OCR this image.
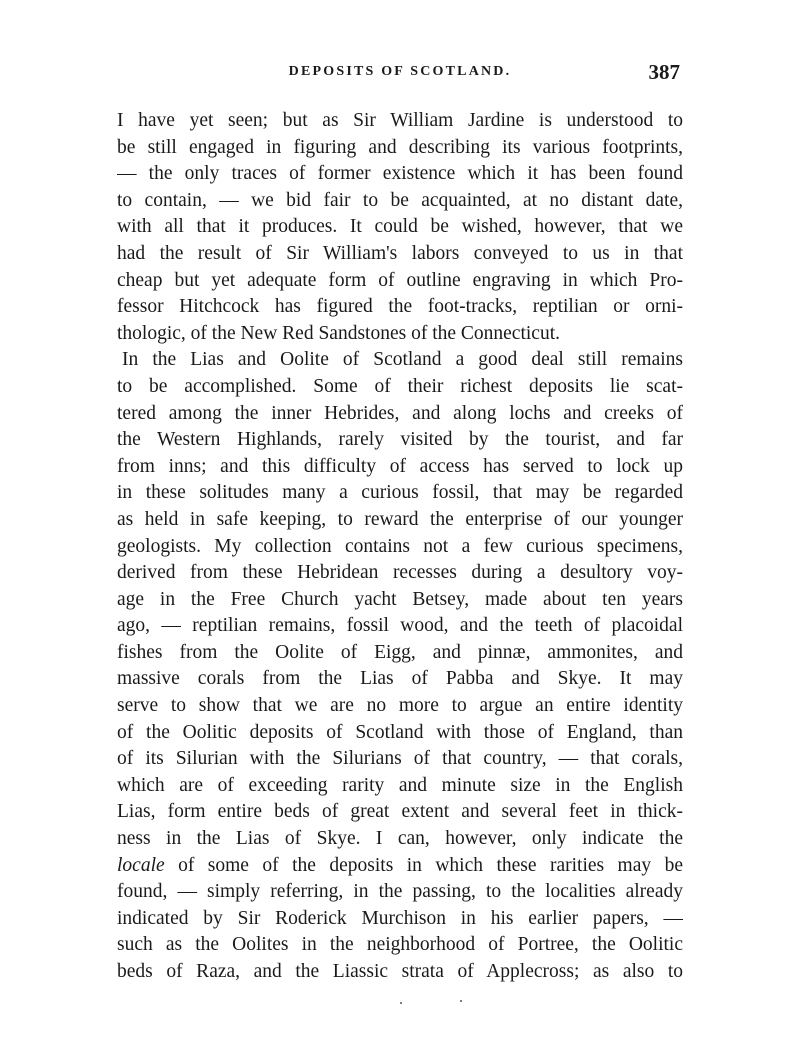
DEPOSITS OF SCOTLAND.	387
I have yet seen; but as Sir William Jardine is understood to
be still engaged in figuring and describing its various footprints,
— the only traces of former existence which it has been found
to contain, — we bid fair to be acquainted, at no distant date,
with all that it produces. It could be wished, however, that we
had the result of Sir William's labors conveyed to us in that
cheap but yet adequate form of outline engraving in which Pro-
fessor Hitchcock has figured the foot-tracks, reptilian or orni-
thologic, of the New Red Sandstones of the Connecticut.
In the Lias and Oolite of Scotland a good deal still remains
to be accomplished. Some of their richest deposits lie scat-
tered among the inner Hebrides, and along lochs and creeks of
the Western Highlands, rarely visited by the tourist, and far
from inns; and this difficulty of access has served to lock up
in these solitudes many a curious fossil, that may be regarded
as held in safe keeping, to reward the enterprise of our younger
geologists. My collection contains not a few curious specimens,
derived from these Hebridean recesses during a desultory voy-
age in the Free Church yacht Betsey, made about ten years
ago, — reptilian remains, fossil wood, and the teeth of placoidal
fishes from the Oolite of Eigg, and pinnæ, ammonites, and
massive corals from the Lias of Pabba and Skye. It may
serve to show that we are no more to argue an entire identity
of the Oolitic deposits of Scotland with those of England, than
of its Silurian with the Silurians of that country, — that corals,
which are of exceeding rarity and minute size in the English
Lias, form entire beds of great extent and several feet in thick-
ness in the Lias of Skye. I can, however, only indicate the
locale of some of the deposits in which these rarities may be
found, — simply referring, in the passing, to the localities already
indicated by Sir Roderick Murchison in his earlier papers, —
such as the Oolites in the neighborhood of Portree, the Oolitic
beds of Raza, and the Liassic strata of Applecross; as also to
